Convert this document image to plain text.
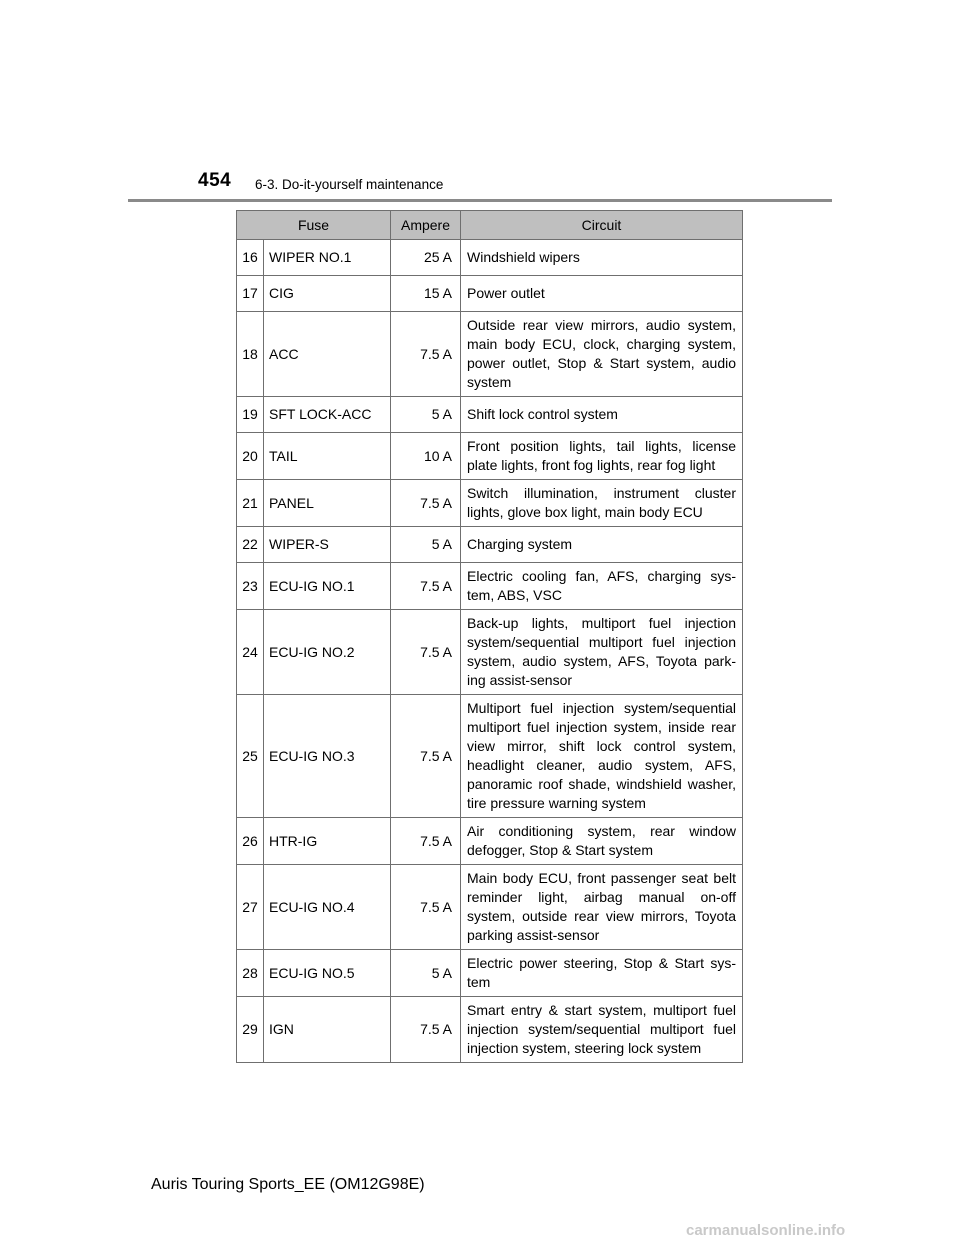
454 6-3. Do-it-yourself maintenance
Fuse		Ampere	Circuit
16	WIPER NO.1	25 A	Windshield wipers
17	CIG	15 A	Power outlet
18	ACC	7.5 A	Outside rear view mirrors, audio system, main body ECU, clock, charging system, power outlet, Stop & Start system, audio system
19	SFT LOCK-ACC	5 A	Shift lock control system
20	TAIL	10 A	Front position lights, tail lights, license plate lights, front fog lights, rear fog light
21	PANEL	7.5 A	Switch illumination, instrument cluster lights, glove box light, main body ECU
22	WIPER-S	5 A	Charging system
23	ECU-IG NO.1	7.5 A	Electric cooling fan, AFS, charging sys-tem, ABS, VSC
24	ECU-IG NO.2	7.5 A	Back-up lights, multiport fuel injection system/sequential multiport fuel injection system, audio system, AFS, Toyota park-ing assist-sensor
25	ECU-IG NO.3	7.5 A	Multiport fuel injection system/sequential multiport fuel injection system, inside rear view mirror, shift lock control system, headlight cleaner, audio system, AFS, panoramic roof shade, windshield washer, tire pressure warning system
26	HTR-IG	7.5 A	Air conditioning system, rear window defogger, Stop & Start system
27	ECU-IG NO.4	7.5 A	Main body ECU, front passenger seat belt reminder light, airbag manual on-off system, outside rear view mirrors, Toyota parking assist-sensor
28	ECU-IG NO.5	5 A	Electric power steering, Stop & Start sys-tem
29	IGN	7.5 A	Smart entry & start system, multiport fuel injection system/sequential multiport fuel injection system, steering lock system
Auris Touring Sports_EE (OM12G98E)
carmanualsonline.info
